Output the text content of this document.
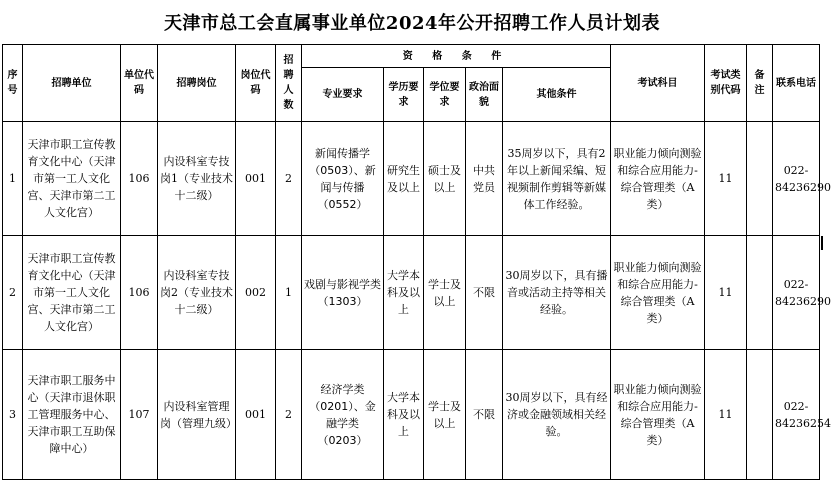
天津市总工会直属事业单位2024年公开招聘工作人员计划表
序号	招聘单位	单位代码	招聘岗位	岗位代码	招聘人数	资 格 条 件					考试科目	考试类别代码	备注	联系电话
						专业要求	学历要求	学位要求	政治面貌	其他条件				
1	天津市职工宣传教育文化中心（天津市第一工人文化宫、天津市第二工人文化宫）	106	内设科室专技岗1（专业技术十二级）	001	2	新闻传播学（0503）、新闻与传播（0552）	研究生及以上	硕士及以上	中共党员	35周岁以下，具有2年以上新闻采编、短视频制作剪辑等新媒体工作经验。	职业能力倾向测验和综合应用能力-综合管理类（A类）	11		022-84236290
2	天津市职工宣传教育文化中心（天津市第一工人文化宫、天津市第二工人文化宫）	106	内设科室专技岗2（专业技术十二级）	002	1	戏剧与影视学类（1303）	大学本科及以上	学士及以上	不限	30周岁以下，具有播音或活动主持等相关经验。	职业能力倾向测验和综合应用能力-综合管理类（A类）	11		022-84236290
3	天津市职工服务中心（天津市退休职工管理服务中心、天津市职工互助保障中心）	107	内设科室管理岗（管理九级）	001	2	经济学类（0201）、金融学类（0203）	大学本科及以上	学士及以上	不限	30周岁以下，具有经济或金融领域相关经验。	职业能力倾向测验和综合应用能力-综合管理类（A类）	11		022-84236254
